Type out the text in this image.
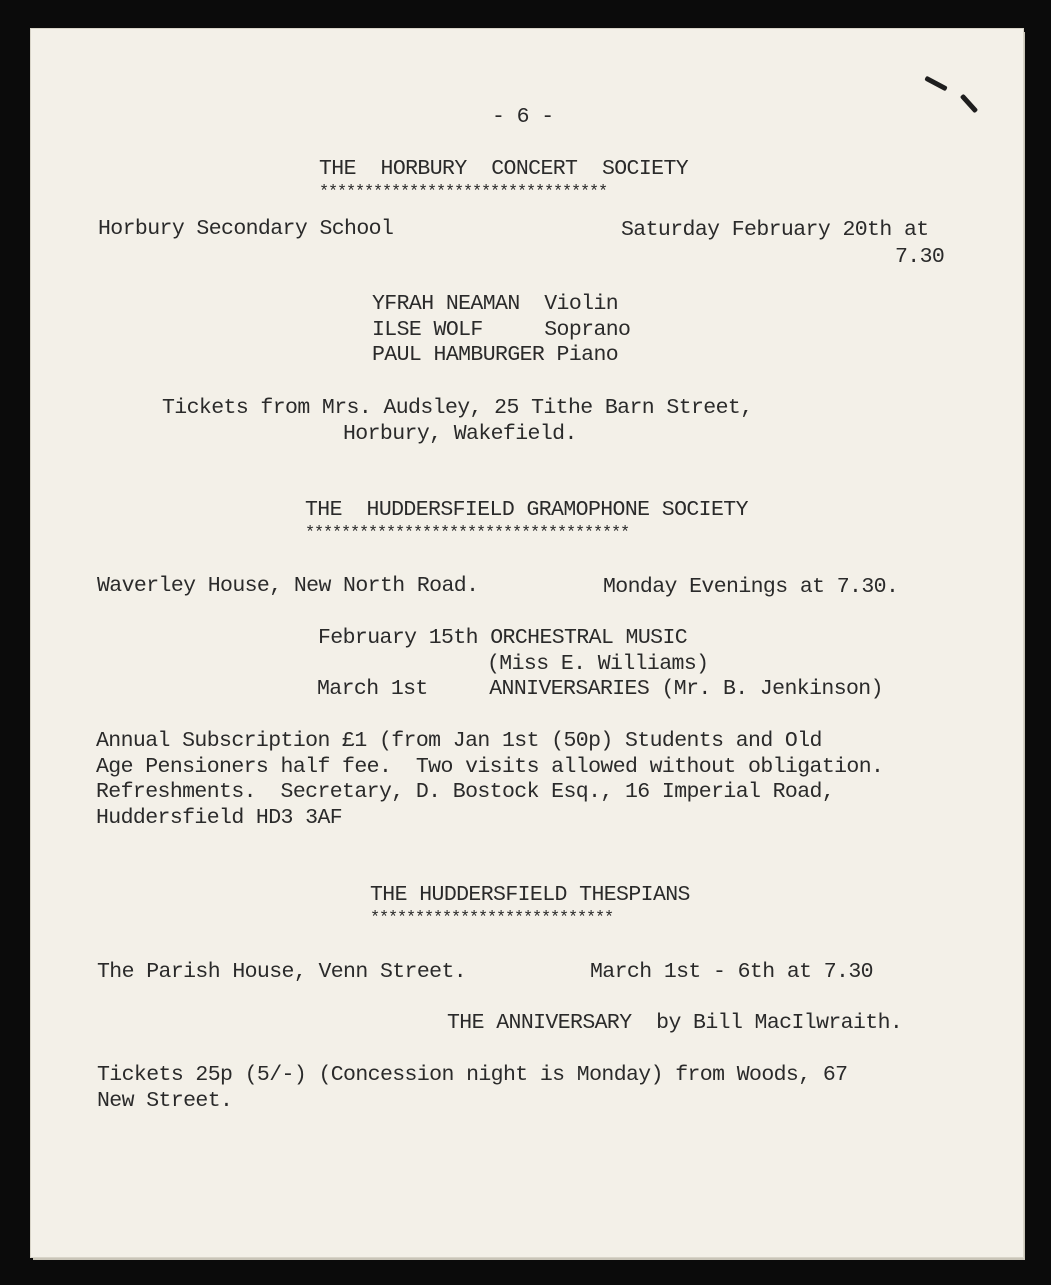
- 6 -
THE  HORBURY  CONCERT  SOCIETY
********************************
Horbury Secondary School	Saturday February 20th at
7.30
YFRAH NEAMAN  Violin
ILSE WOLF     Soprano
PAUL HAMBURGER Piano
Tickets from Mrs. Audsley, 25 Tithe Barn Street,
Horbury, Wakefield.
THE  HUDDERSFIELD GRAMOPHONE SOCIETY
************************************
Waverley House, New North Road.	Monday Evenings at 7.30.
February 15th ORCHESTRAL MUSIC
(Miss E. Williams)
March 1st     ANNIVERSARIES (Mr. B. Jenkinson)
Annual Subscription £1 (from Jan 1st (50p) Students and Old
Age Pensioners half fee.  Two visits allowed without obligation.
Refreshments.  Secretary, D. Bostock Esq., 16 Imperial Road,
Huddersfield HD3 3AF
THE HUDDERSFIELD THESPIANS
***************************
The Parish House, Venn Street.	March 1st - 6th at 7.30
THE ANNIVERSARY  by Bill MacIlwraith.
Tickets 25p (5/-) (Concession night is Monday) from Woods, 67
New Street.
